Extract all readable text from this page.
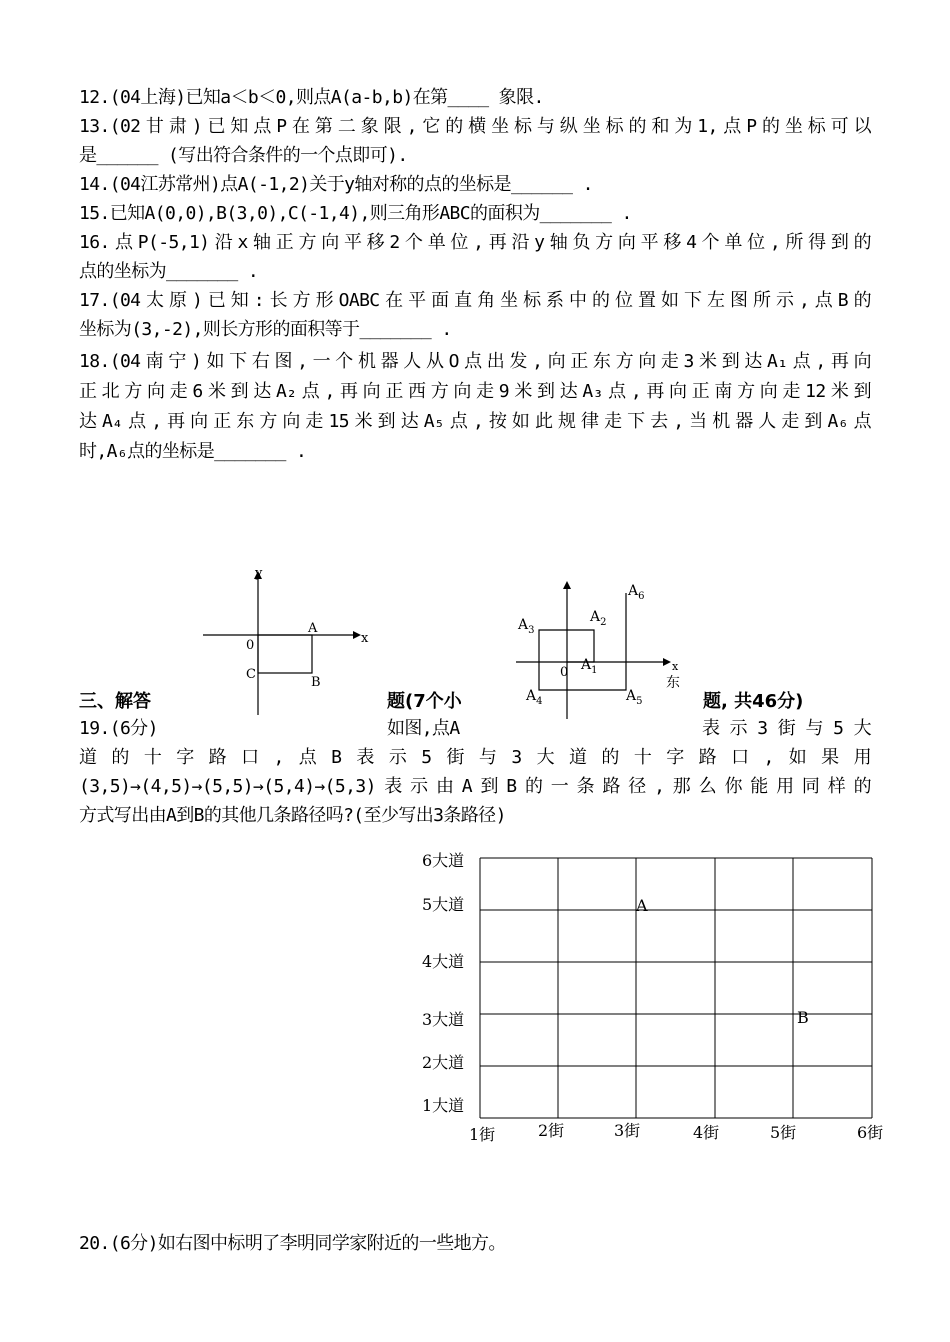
12.(04上海)已知a＜b＜0,则点A(a-b,b)在第____ 象限.
13.(02甘肃)已知点P在第二象限,它的横坐标与纵坐标的和为1,点P的坐标可以
是______ (写出符合条件的一个点即可).
14.(04江苏常州)点A(-1,2)关于y轴对称的点的坐标是______ .
15.已知A(0,0),B(3,0),C(-1,4),则三角形ABC的面积为_______ .
16.点P(-5,1)沿x轴正方向平移2个单位,再沿y轴负方向平移4个单位,所得到的
点的坐标为_______ .
17.(04太原)已知:长方形OABC在平面直角坐标系中的位置如下左图所示,点B的
坐标为(3,-2),则长方形的面积等于_______ .
18.(04南宁)如下右图,一个机器人从O点出发,向正东方向走3米到达A₁点,再向
正北方向走6米到达A₂点,再向正西方向走9米到达A₃点,再向正南方向走12米到
达A₄点,再向正东方向走15米到达A₅点,按如此规律走下去,当机器人走到A₆点
时,A₆点的坐标是_______ .
y
x
0
A
B
C
x
东
0 $A_1$
$A_2$
$A_3$
$A_4$	$A_5$
$A_6$
三、解答	题(7个小	题, 共46分)
19.(6分)	如图,点A	表示3街与5大
道的十字路口,点B表示5街与3大道的十字路口,如果用
(3,5)→(4,5)→(5,5)→(5,4)→(5,3)表示由A到B的一条路径,那么你能用同样的
方式写出由A到B的其他几条路径吗?(至少写出3条路径)
6大道
5大道
4大道
3大道
2大道
1大道
1街	2街	3街	4街	5街	6街
A
B
20.(6分)如右图中标明了李明同学家附近的一些地方。
